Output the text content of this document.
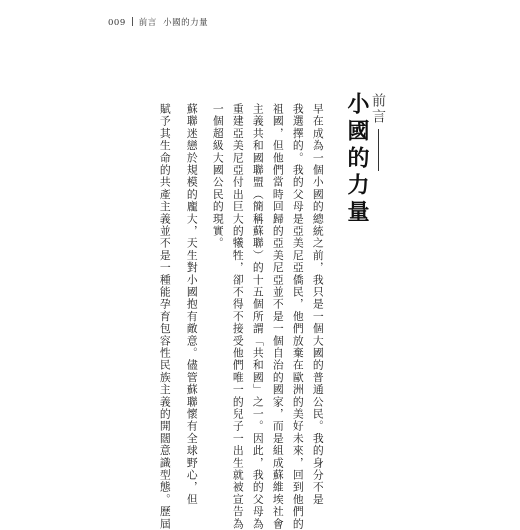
009 前言 小國的力量
前言
小國的力量
早在成為一個小國的總統之前，我只是一個大國的普通公民。我的身分不是
我選擇的。我的父母是亞美尼亞僑民，他們放棄在歐洲的美好未來，回到他們的
祖國，但他們當時回歸的亞美尼亞並不是一個自治的國家，而是組成蘇維埃社會
主義共和國聯盟（簡稱蘇聯）的十五個所謂「共和國」之一。因此，我的父母為
重建亞美尼亞付出巨大的犧牲，卻不得不接受他們唯一的兒子一出生就被宣告為
一個超級大國公民的現實。
蘇聯迷戀於規模的龐大，天生對小國抱有敵意。儘管蘇聯懷有全球野心，但
賦予其生命的共產主義並不是一種能孕育包容性民族主義的開闊意識型態。歷屆
